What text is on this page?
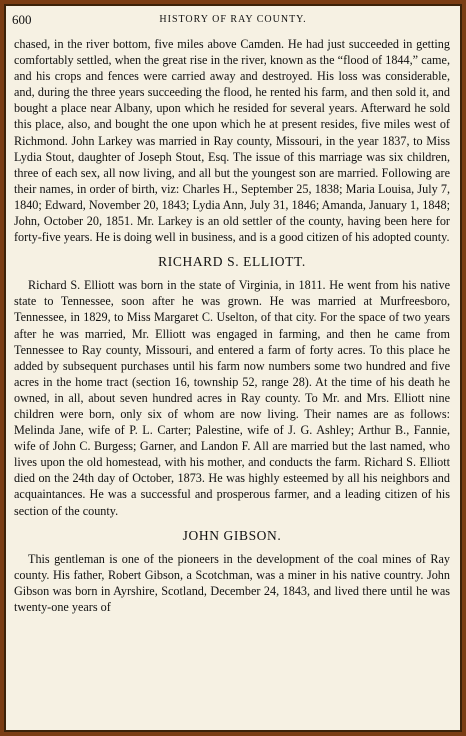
600	HISTORY OF RAY COUNTY.

chased, in the river bottom, five miles above Camden. He had just succeeded in getting comfortably settled, when the great rise in the river, known as the “flood of 1844,” came, and his crops and fences were carried away and destroyed. His loss was considerable, and, during the three years succeeding the flood, he rented his farm, and then sold it, and bought a place near Albany, upon which he resided for several years. Afterward he sold this place, also, and bought the one upon which he at present resides, five miles west of Richmond. John Larkey was married in Ray county, Missouri, in the year 1837, to Miss Lydia Stout, daughter of Joseph Stout, Esq. The issue of this marriage was six children, three of each sex, all now living, and all but the youngest son are married. Following are their names, in order of birth, viz: Charles H., September 25, 1838; Maria Louisa, July 7, 1840; Edward, November 20, 1843; Lydia Ann, July 31, 1846; Amanda, January 1, 1848; John, October 20, 1851. Mr. Larkey is an old settler of the county, having been here for forty-five years. He is doing well in business, and is a good citizen of his adopted county.

RICHARD S. ELLIOTT.

Richard S. Elliott was born in the state of Virginia, in 1811. He went from his native state to Tennessee, soon after he was grown. He was married at Murfreesboro, Tennessee, in 1829, to Miss Margaret C. Uselton, of that city. For the space of two years after he was married, Mr. Elliott was engaged in farming, and then he came from Tennessee to Ray county, Missouri, and entered a farm of forty acres. To this place he added by subsequent purchases until his farm now numbers some two hundred and five acres in the home tract (section 16, township 52, range 28). At the time of his death he owned, in all, about seven hundred acres in Ray county. To Mr. and Mrs. Elliott nine children were born, only six of whom are now living. Their names are as follows: Melinda Jane, wife of P. L. Carter; Palestine, wife of J. G. Ashley; Arthur B., Fannie, wife of John C. Burgess; Garner, and Landon F. All are married but the last named, who lives upon the old homestead, with his mother, and conducts the farm. Richard S. Elliott died on the 24th day of October, 1873. He was highly esteemed by all his neighbors and acquaintances. He was a successful and prosperous farmer, and a leading citizen of his section of the county.

JOHN GIBSON.

This gentleman is one of the pioneers in the development of the coal mines of Ray county. His father, Robert Gibson, a Scotchman, was a miner in his native country. John Gibson was born in Ayrshire, Scotland, December 24, 1843, and lived there until he was twenty-one years of
